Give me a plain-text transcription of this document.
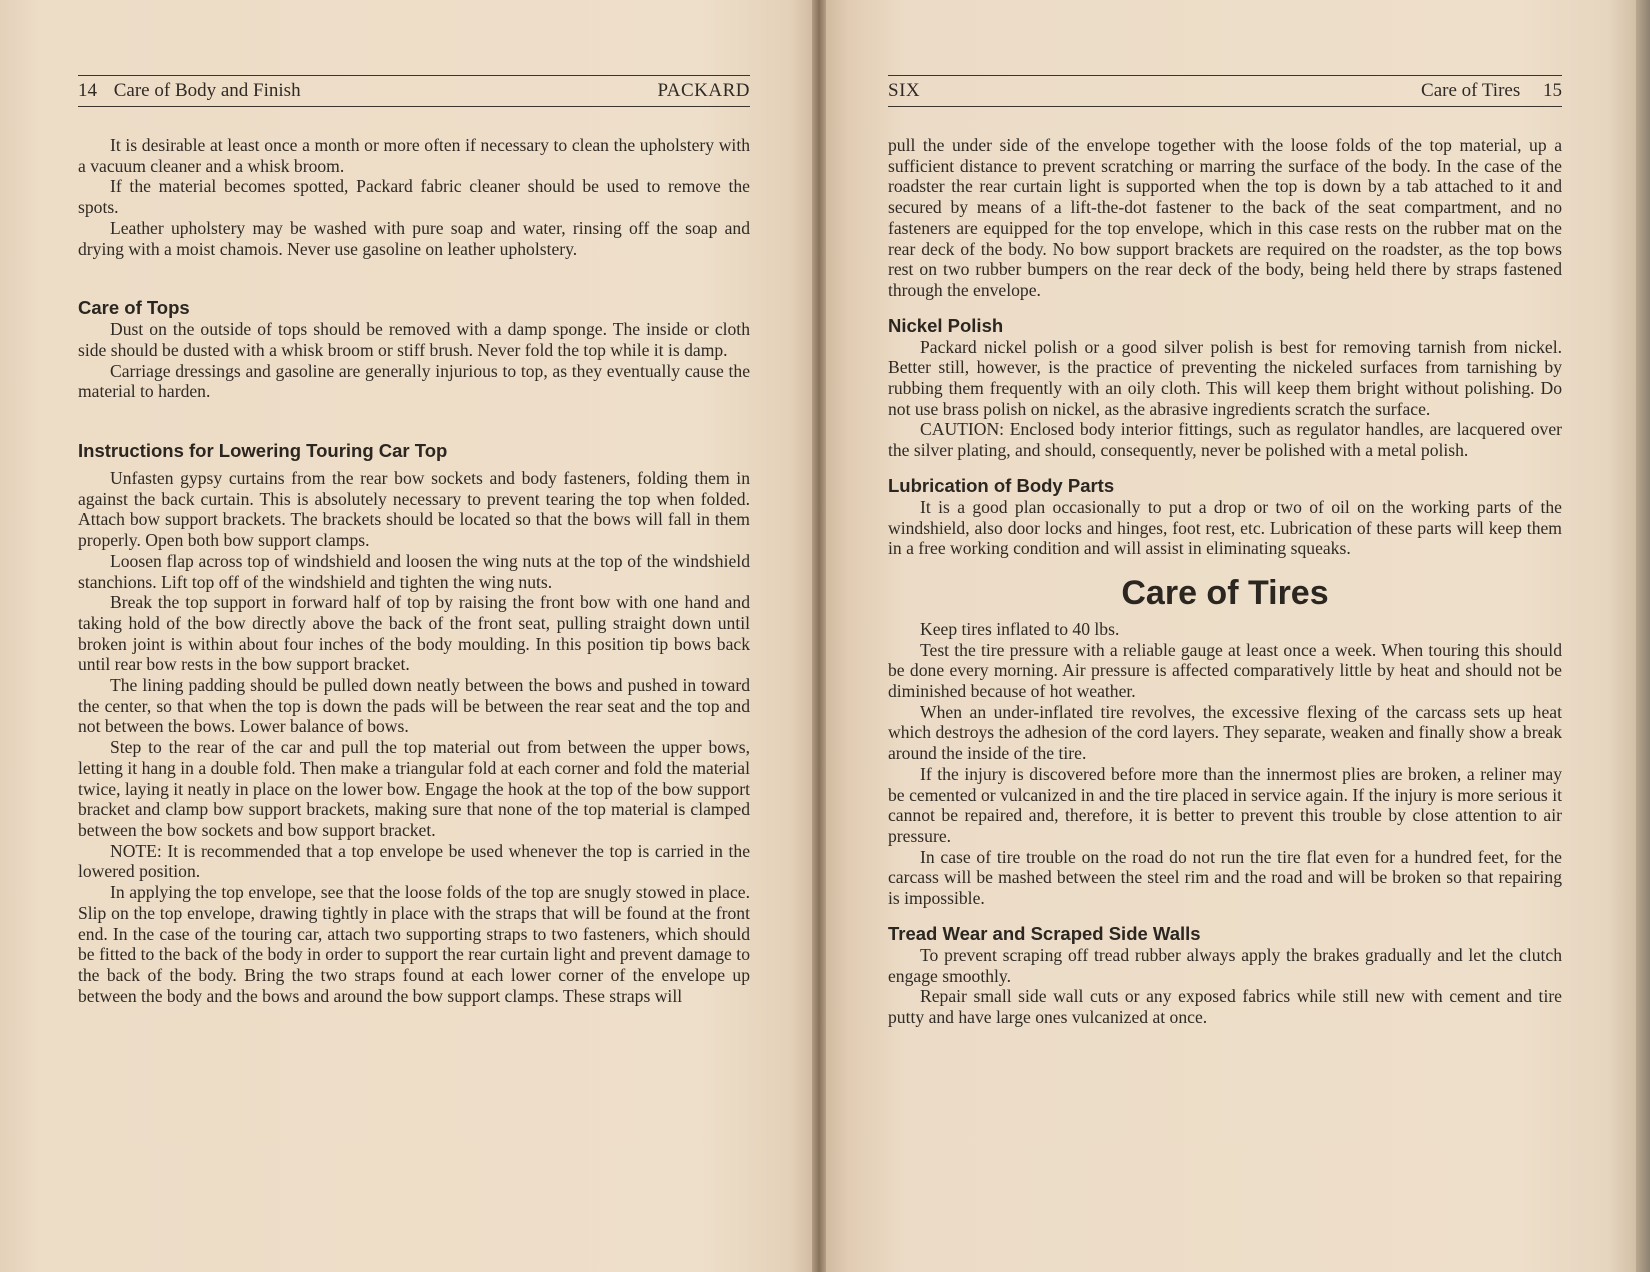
14 Care of Body and Finish	PACKARD

It is desirable at least once a month or more often if necessary to clean the upholstery with a vacuum cleaner and a whisk broom.

If the material becomes spotted, Packard fabric cleaner should be used to remove the spots.

Leather upholstery may be washed with pure soap and water, rinsing off the soap and drying with a moist chamois. Never use gasoline on leather upholstery.

Care of Tops

Dust on the outside of tops should be removed with a damp sponge. The inside or cloth side should be dusted with a whisk broom or stiff brush. Never fold the top while it is damp.

Carriage dressings and gasoline are generally injurious to top, as they eventually cause the material to harden.

Instructions for Lowering Touring Car Top

Unfasten gypsy curtains from the rear bow sockets and body fasteners, folding them in against the back curtain. This is absolutely necessary to prevent tearing the top when folded. Attach bow support brackets. The brackets should be located so that the bows will fall in them properly. Open both bow support clamps.

Loosen flap across top of windshield and loosen the wing nuts at the top of the windshield stanchions. Lift top off of the windshield and tighten the wing nuts.

Break the top support in forward half of top by raising the front bow with one hand and taking hold of the bow directly above the back of the front seat, pulling straight down until broken joint is within about four inches of the body moulding. In this position tip bows back until rear bow rests in the bow support bracket.

The lining padding should be pulled down neatly between the bows and pushed in toward the center, so that when the top is down the pads will be between the rear seat and the top and not between the bows. Lower balance of bows.

Step to the rear of the car and pull the top material out from between the upper bows, letting it hang in a double fold. Then make a triangular fold at each corner and fold the material twice, laying it neatly in place on the lower bow. Engage the hook at the top of the bow support bracket and clamp bow support brackets, making sure that none of the top material is clamped between the bow sockets and bow support bracket.

NOTE: It is recommended that a top envelope be used whenever the top is carried in the lowered position.

In applying the top envelope, see that the loose folds of the top are snugly stowed in place. Slip on the top envelope, drawing tightly in place with the straps that will be found at the front end. In the case of the touring car, attach two supporting straps to two fasteners, which should be fitted to the back of the body in order to support the rear curtain light and prevent damage to the back of the body. Bring the two straps found at each lower corner of the envelope up between the body and the bows and around the bow support clamps. These straps will

SIX	Care of Tires 15

pull the under side of the envelope together with the loose folds of the top material, up a sufficient distance to prevent scratching or marring the surface of the body. In the case of the roadster the rear curtain light is supported when the top is down by a tab attached to it and secured by means of a lift-the-dot fastener to the back of the seat compartment, and no fasteners are equipped for the top envelope, which in this case rests on the rubber mat on the rear deck of the body. No bow support brackets are required on the roadster, as the top bows rest on two rubber bumpers on the rear deck of the body, being held there by straps fastened through the envelope.

Nickel Polish

Packard nickel polish or a good silver polish is best for removing tarnish from nickel. Better still, however, is the practice of preventing the nickeled surfaces from tarnishing by rubbing them frequently with an oily cloth. This will keep them bright without polishing. Do not use brass polish on nickel, as the abrasive ingredients scratch the surface.

CAUTION: Enclosed body interior fittings, such as regulator handles, are lacquered over the silver plating, and should, consequently, never be polished with a metal polish.

Lubrication of Body Parts

It is a good plan occasionally to put a drop or two of oil on the working parts of the windshield, also door locks and hinges, foot rest, etc. Lubrication of these parts will keep them in a free working condition and will assist in eliminating squeaks.

Care of Tires

Keep tires inflated to 40 lbs.

Test the tire pressure with a reliable gauge at least once a week. When touring this should be done every morning. Air pressure is affected comparatively little by heat and should not be diminished because of hot weather.

When an under-inflated tire revolves, the excessive flexing of the carcass sets up heat which destroys the adhesion of the cord layers. They separate, weaken and finally show a break around the inside of the tire.

If the injury is discovered before more than the innermost plies are broken, a reliner may be cemented or vulcanized in and the tire placed in service again. If the injury is more serious it cannot be repaired and, therefore, it is better to prevent this trouble by close attention to air pressure.

In case of tire trouble on the road do not run the tire flat even for a hundred feet, for the carcass will be mashed between the steel rim and the road and will be broken so that repairing is impossible.

Tread Wear and Scraped Side Walls

To prevent scraping off tread rubber always apply the brakes gradually and let the clutch engage smoothly.

Repair small side wall cuts or any exposed fabrics while still new with cement and tire putty and have large ones vulcanized at once.
